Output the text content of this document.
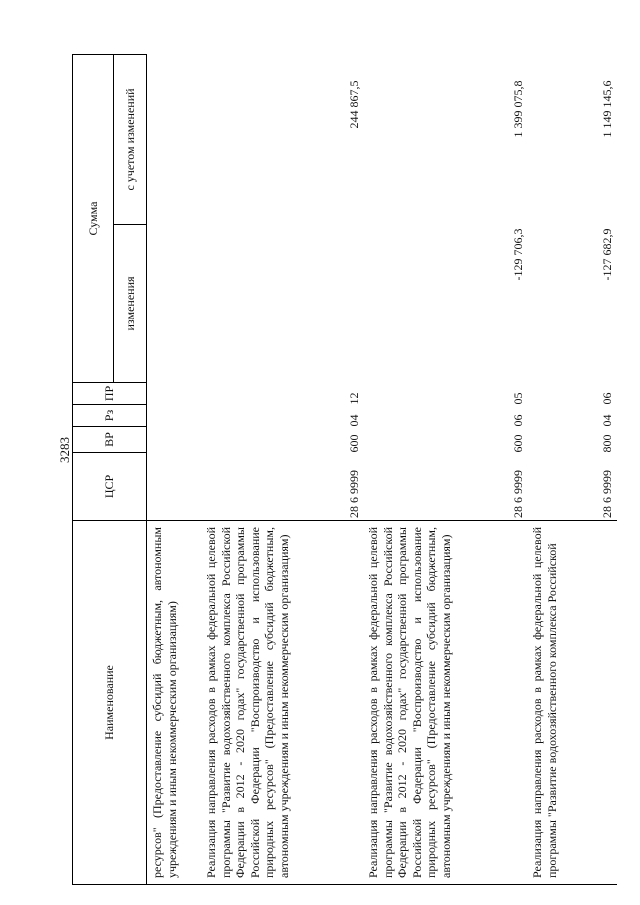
3283
Наименование	ЦСР	ВР	Рз	ПР	Сумма	
					изменения	с учетом изменений
ресурсов" (Предоставление субсидий бюджетным, автономным учреждениям и иным некоммерческим организациям)						
Реализация направления расходов в рамках федеральной целевой программы "Развитие водохозяйственного комплекса Российской Федерации в 2012 - 2020 годах" государственной программы Российской Федерации "Воспроизводство и использование природных ресурсов" (Предоставление субсидий бюджетным, автономным учреждениям и иным некоммерческим организациям)	28 6 9999	600	04	12		244 867,5
Реализация направления расходов в рамках федеральной целевой программы "Развитие водохозяйственного комплекса Российской Федерации в 2012 - 2020 годах" государственной программы Российской Федерации "Воспроизводство и использование природных ресурсов" (Предоставление субсидий бюджетным, автономным учреждениям и иным некоммерческим организациям)	28 6 9999	600	06	05	-129 706,3	1 399 075,8
Реализация направления расходов в рамках федеральной целевой программы "Развитие водохозяйственного комплекса Российской	28 6 9999	800	04	06	-127 682,9	1 149 145,6
